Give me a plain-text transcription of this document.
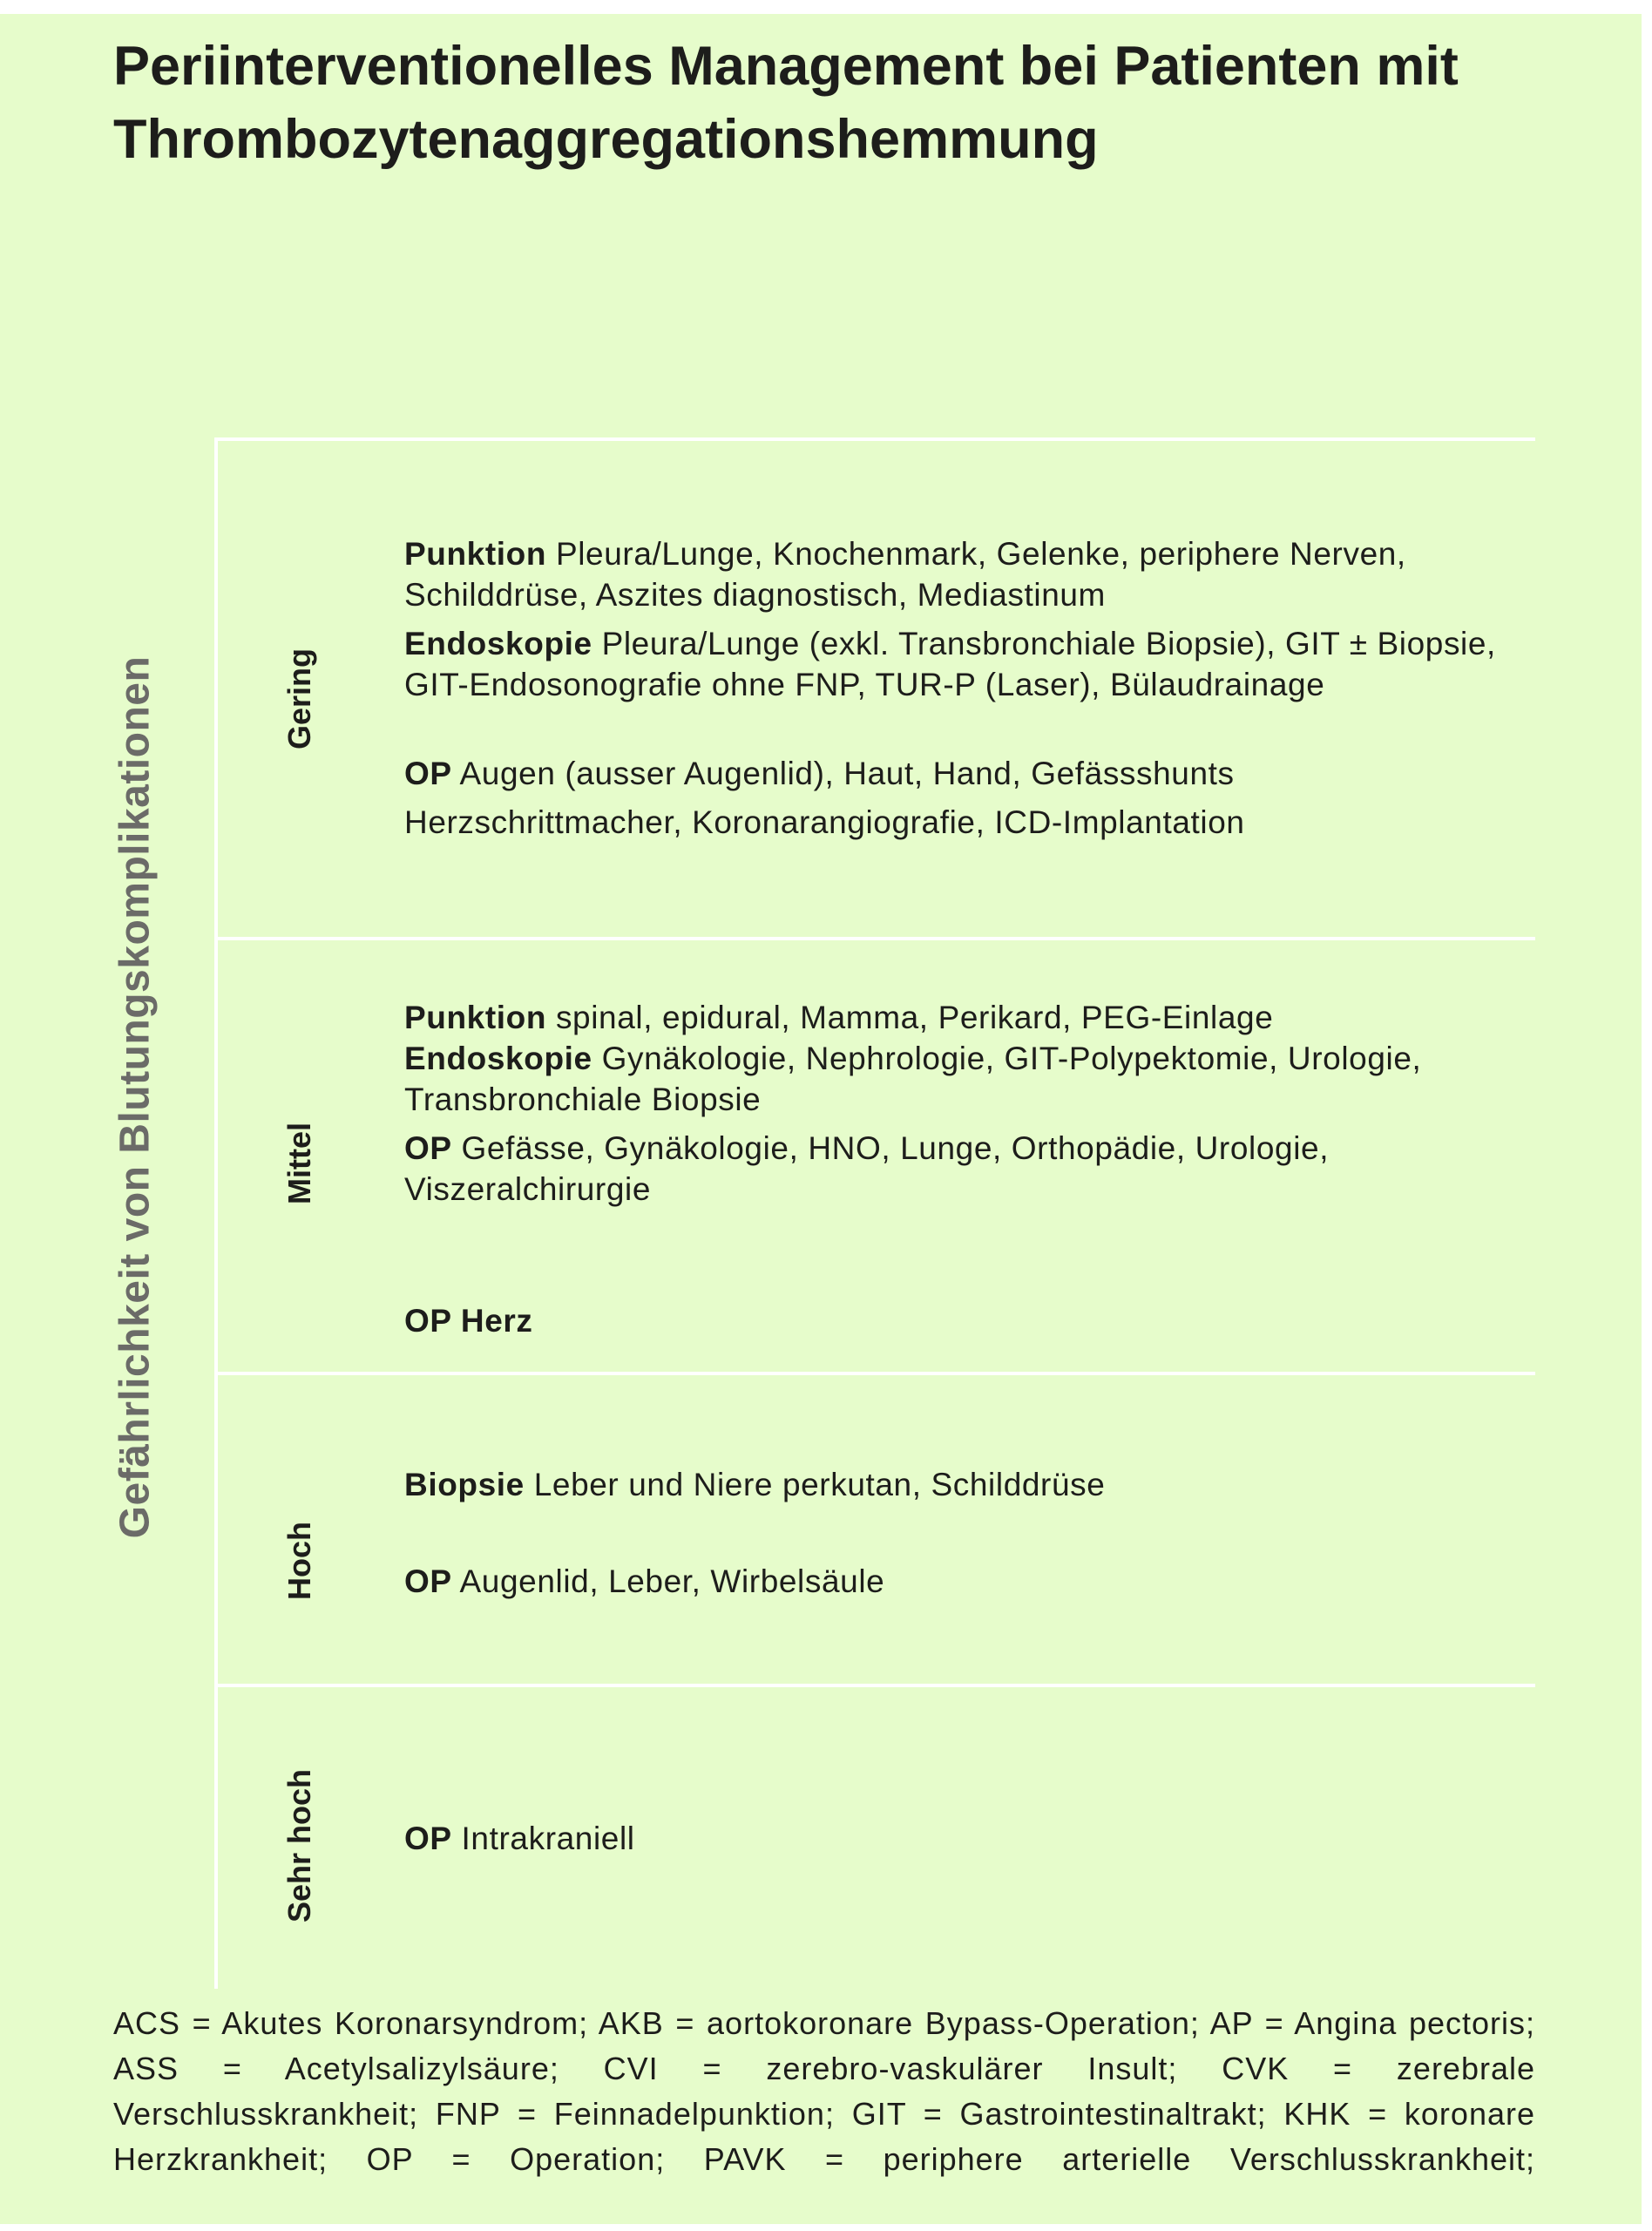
Periinterventionelles Management bei Patienten mit Thrombozytenaggregationshemmung
Gefährlichkeit von Blutungskomplikationen	Gering
Mittel
Hoch
Sehr hoch

Punktion Pleura/Lunge, Knochenmark, Gelenke, periphere Nerven, Schilddrüse, Aszites diagnostisch, Mediastinum

Endoskopie Pleura/Lunge (exkl. Transbronchiale Biopsie), GIT ± Biopsie, GIT-Endosonografie ohne FNP, TUR-P (Laser), Bülaudrainage

OP Augen (ausser Augenlid), Haut, Hand, Gefässshunts

Herzschrittmacher, Koronarangiografie, ICD-Implantation

Punktion spinal, epidural, Mamma, Perikard, PEG-Einlage

Endoskopie Gynäkologie, Nephrologie, GIT-Polypektomie, Urologie, Transbronchiale Biopsie

OP Gefässe, Gynäkologie, HNO, Lunge, Orthopädie, Urologie, Viszeralchirurgie

OP Herz

Biopsie Leber und Niere perkutan, Schilddrüse

OP Augenlid, Leber, Wirbelsäule

OP Intrakraniell

ACS = Akutes Koronarsyndrom; AKB = aortokoronare Bypass-Operation; AP = Angina pectoris; ASS = Acetylsalizylsäure; CVI = zerebro-vaskulärer Insult; CVK = zerebrale Verschlusskrankheit; FNP = Feinnadelpunktion; GIT = Gastrointestinaltrakt; KHK = koronare Herzkrankheit; OP = Operation; PAVK = periphere arterielle Verschlusskrankheit;
